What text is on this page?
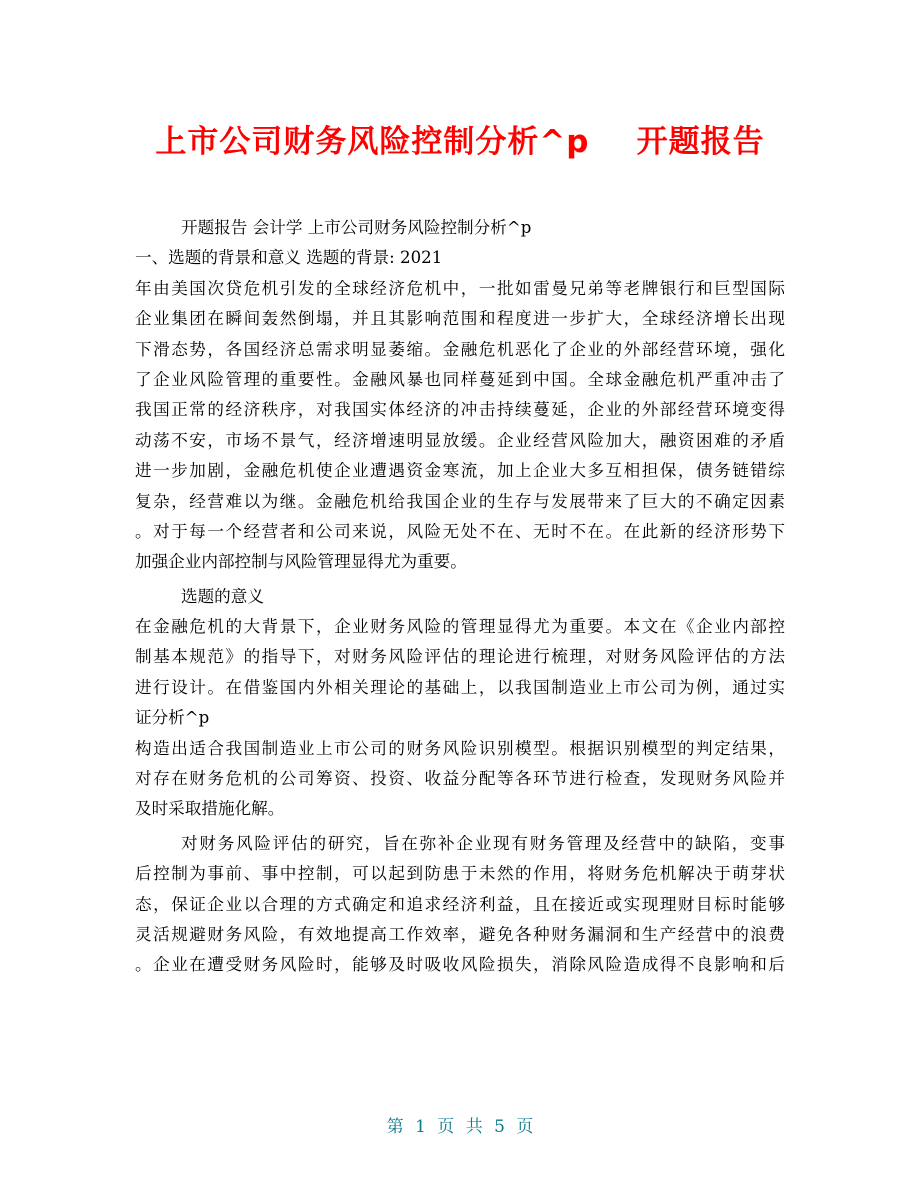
上市公司财务风险控制分析^p    开题报告
开题报告 会计学 上市公司财务风险控制分析^p
一、选题的背景和意义 选题的背景: 2021
年由美国次贷危机引发的全球经济危机中，一批如雷曼兄弟等老牌银行和巨型国际
企业集团在瞬间轰然倒塌，并且其影响范围和程度进一步扩大，全球经济增长出现
下滑态势，各国经济总需求明显萎缩。金融危机恶化了企业的外部经营环境，强化
了企业风险管理的重要性。金融风暴也同样蔓延到中国。全球金融危机严重冲击了
我国正常的经济秩序，对我国实体经济的冲击持续蔓延，企业的外部经营环境变得
动荡不安，市场不景气，经济增速明显放缓。企业经营风险加大，融资困难的矛盾
进一步加剧，金融危机使企业遭遇资金寒流，加上企业大多互相担保，债务链错综
复杂，经营难以为继。金融危机给我国企业的生存与发展带来了巨大的不确定因素
。对于每一个经营者和公司来说，风险无处不在、无时不在。在此新的经济形势下
加强企业内部控制与风险管理显得尤为重要。
选题的意义
在金融危机的大背景下，企业财务风险的管理显得尤为重要。本文在《企业内部控
制基本规范》的指导下，对财务风险评估的理论进行梳理，对财务风险评估的方法
进行设计。在借鉴国内外相关理论的基础上，以我国制造业上市公司为例，通过实
证分析^p
构造出适合我国制造业上市公司的财务风险识别模型。根据识别模型的判定结果，
对存在财务危机的公司筹资、投资、收益分配等各环节进行检查，发现财务风险并
及时采取措施化解。
对财务风险评估的研究，旨在弥补企业现有财务管理及经营中的缺陷，变事
后控制为事前、事中控制，可以起到防患于未然的作用，将财务危机解决于萌芽状
态，保证企业以合理的方式确定和追求经济利益，且在接近或实现理财目标时能够
灵活规避财务风险，有效地提高工作效率，避免各种财务漏洞和生产经营中的浪费
。企业在遭受财务风险时，能够及时吸收风险损失，消除风险造成得不良影响和后
第 1 页 共 5 页
